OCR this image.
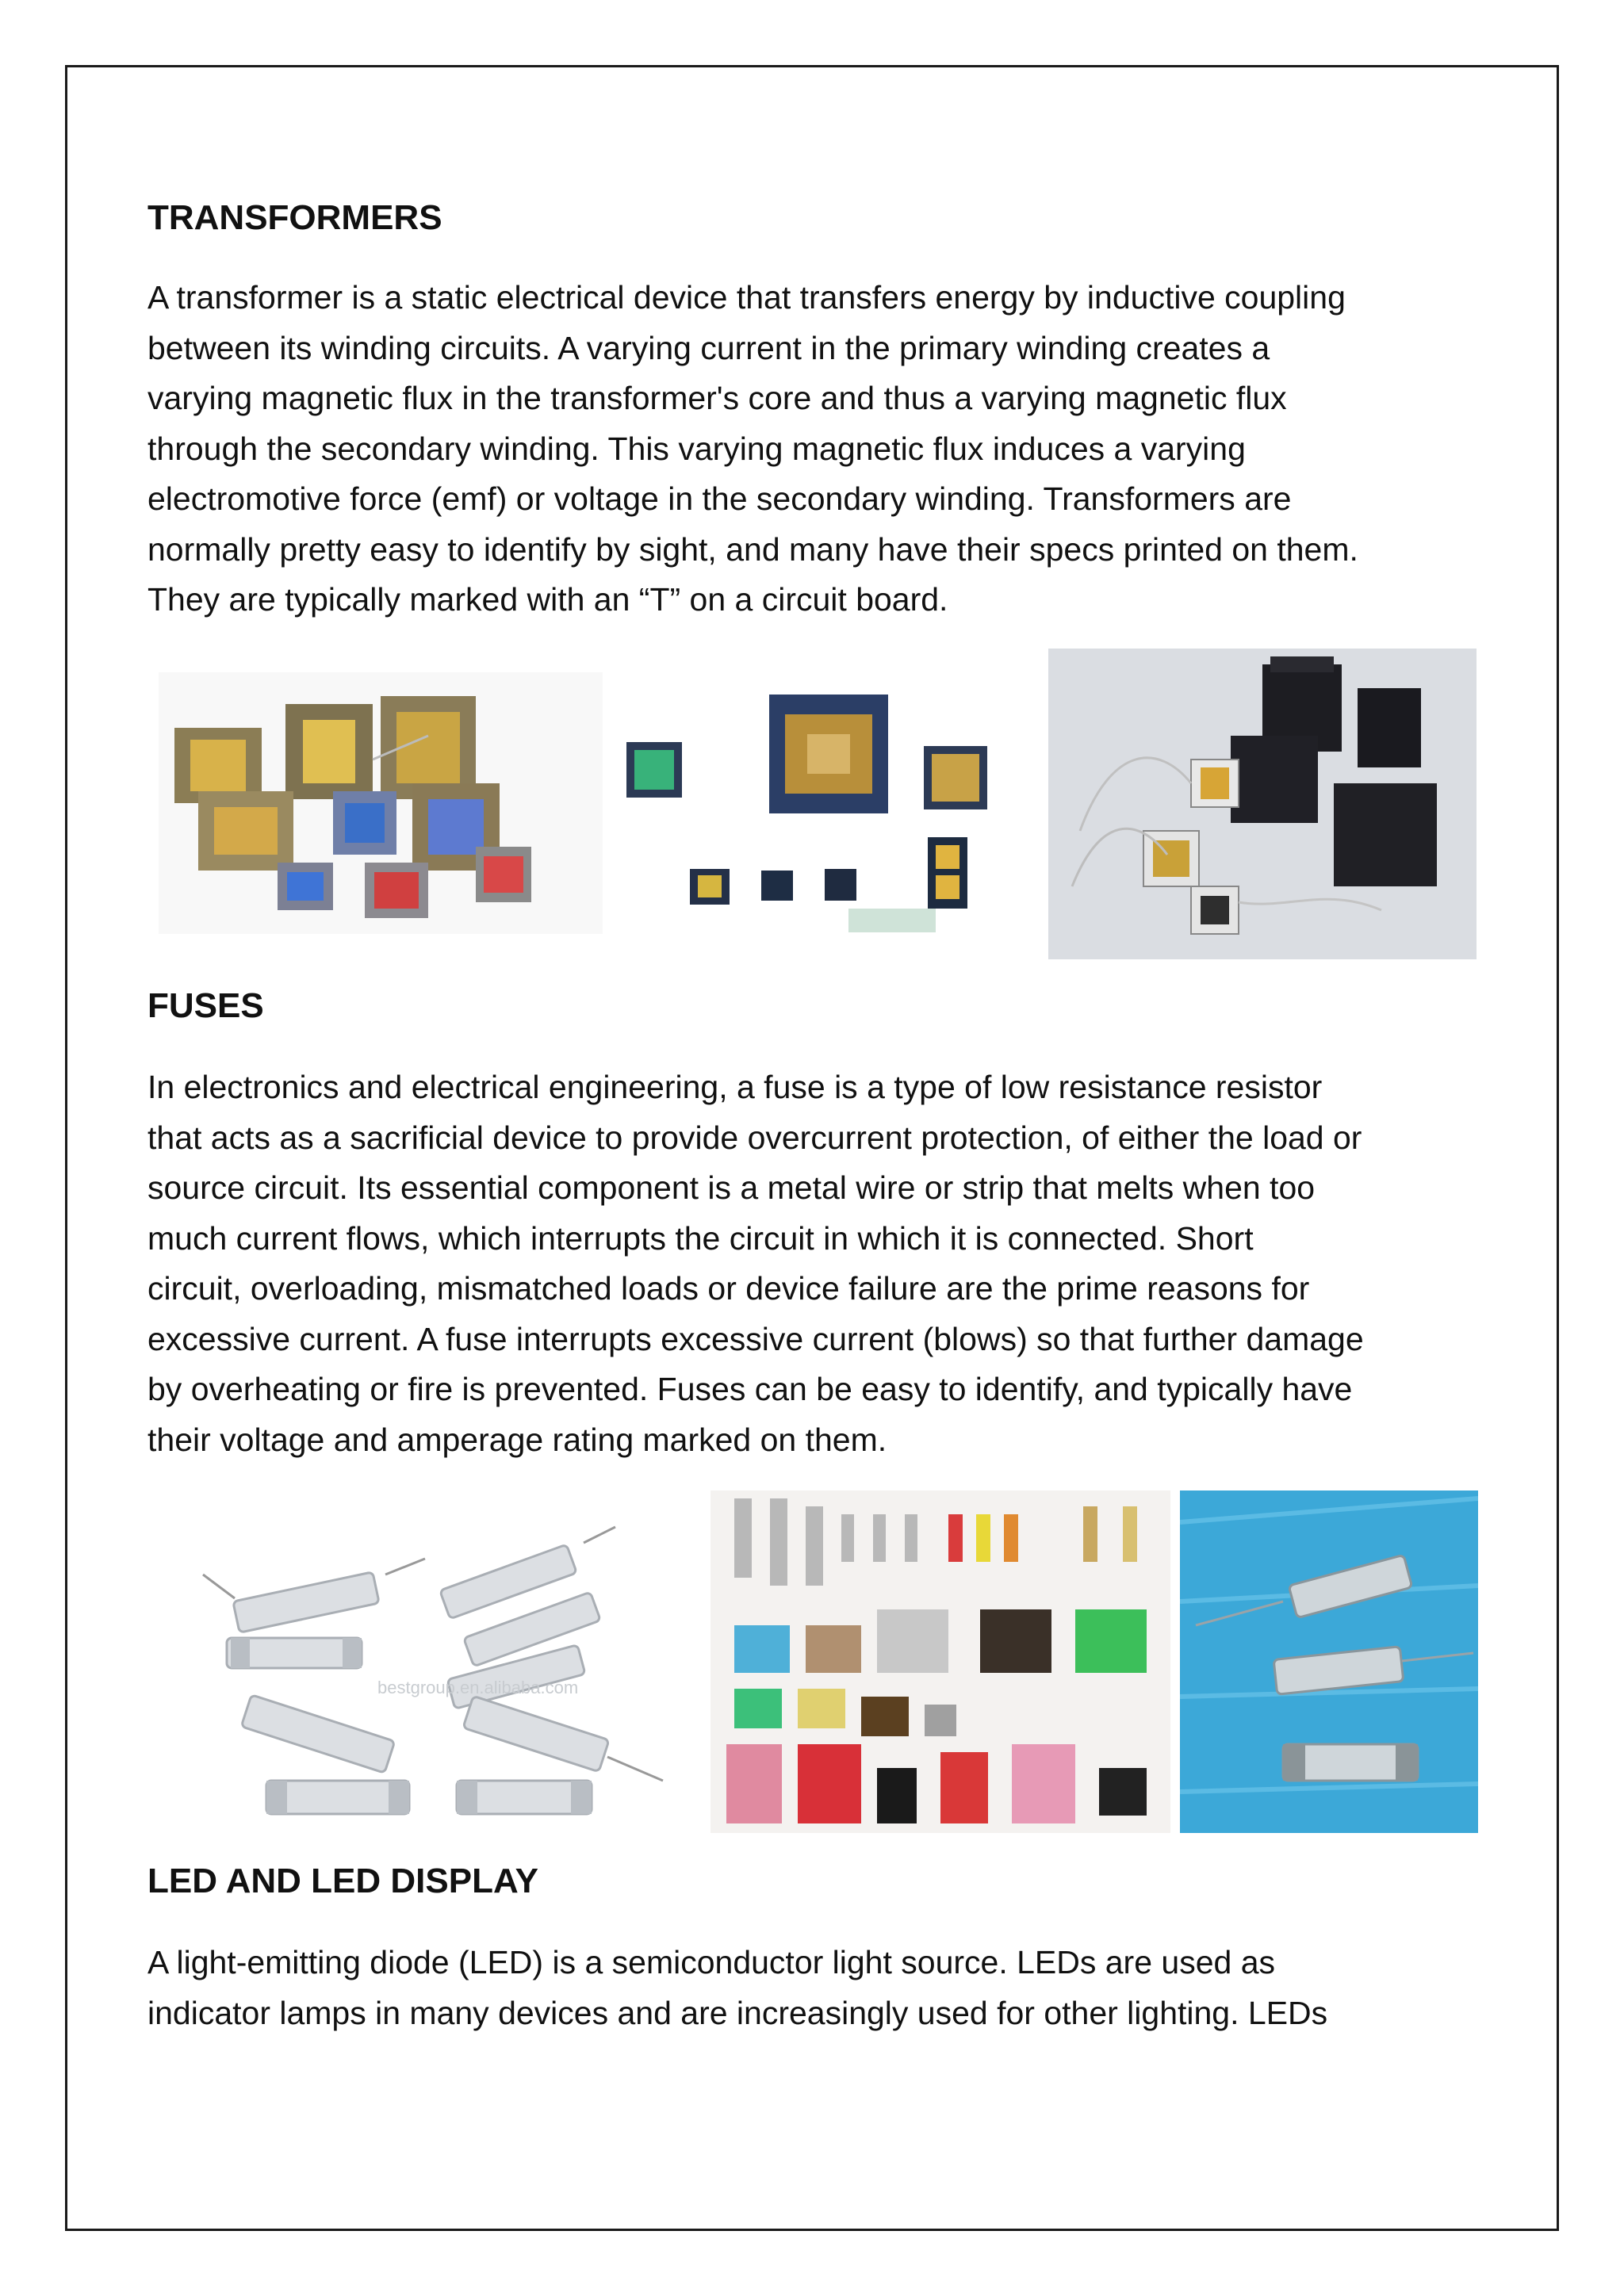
TRANSFORMERS
A transformer is a static electrical device that transfers energy by inductive coupling
between its winding circuits. A varying current in the primary winding creates a
varying magnetic flux in the transformer's core and thus a varying magnetic flux
through the secondary winding. This varying magnetic flux induces a varying
electromotive force (emf) or voltage in the secondary winding. Transformers are
normally pretty easy to identify by sight, and many have their specs printed on them.
They are typically marked with an “T” on a circuit board.
FUSES
In electronics and electrical engineering, a fuse is a type of low resistance resistor
that acts as a sacrificial device to provide overcurrent protection, of either the load or
source circuit. Its essential component is a metal wire or strip that melts when too
much current flows, which interrupts the circuit in which it is connected. Short
circuit, overloading, mismatched loads or device failure are the prime reasons for
excessive current. A fuse interrupts excessive current (blows) so that further damage
by overheating or fire is prevented. Fuses can be easy to identify, and typically have
their voltage and amperage rating marked on them.
bestgroup.en.alibaba.com
LED AND LED DISPLAY
A light-emitting diode (LED) is a semiconductor light source. LEDs are used as
indicator lamps in many devices and are increasingly used for other lighting. LEDs
